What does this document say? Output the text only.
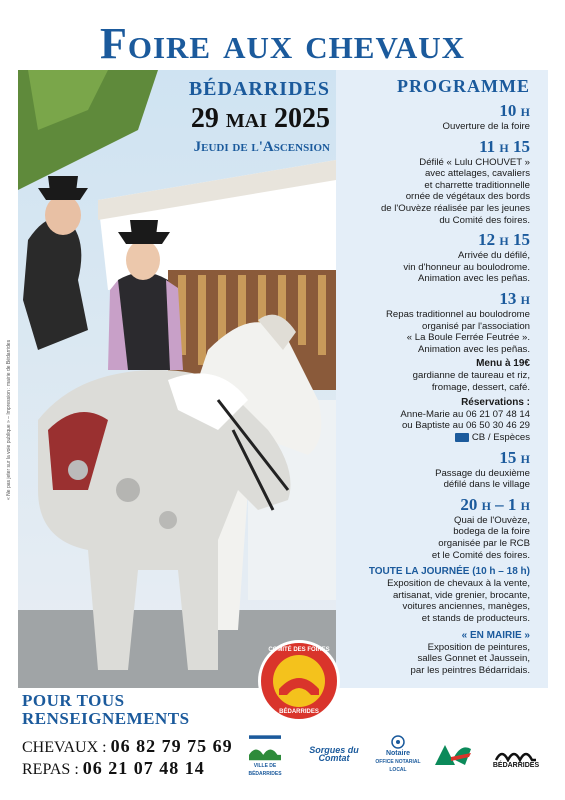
Foire aux chevaux
BÉDARRIDES
29 mai 2025
Jeudi de l'Ascension
PROGRAMME
10 h
Ouverture de la foire
11 h 15
Défilé « Lulu CHOUVET »
avec attelages, cavaliers
et charrette traditionnelle
ornée de végétaux des bords
de l'Ouvèze réalisée par les jeunes
du Comité des foires.
12 h 15
Arrivée du défilé,
vin d'honneur au boulodrome.
Animation avec les peñas.
13 h
Repas traditionnel au boulodrome
organisé par l'association
« La Boule Ferrée Feutrée ».
Animation avec les peñas.
Menu à 19€
gardianne de taureau et riz,
fromage, dessert, café.
Réservations :
Anne-Marie au 06 21 07 48 14
ou Baptiste au 06 50 30 46 29
CB / Espèces
15 h
Passage du deuxième
défilé dans le village
20 h – 1 h
Quai de l'Ouvèze,
bodega de la foire
organisée par le RCB
et le Comité des foires.
TOUTE LA JOURNÉE (10 h – 18 h)
Exposition de chevaux à la vente,
artisanat, vide grenier, brocante,
voitures anciennes, manèges,
et stands de producteurs.
« EN MAIRIE »
Exposition de peintures,
salles Gonnet et Jaussein,
par les peintres Bédarridais.
« Ne pas jeter sur la voie publique » – Impression : mairie de Bédarrides
COMITÉ DES FOIRES
BÉDARRIDES
POUR TOUS
RENSEIGNEMENTS
CHEVAUX : 06 82 79 75 69
REPAS : 06 21 07 48 14	VILLE DE BÉDARRIDES
Sorgues du Comtat	Notaire
OFFICE NOTARIAL LOCAL
BÉDARRIDES
